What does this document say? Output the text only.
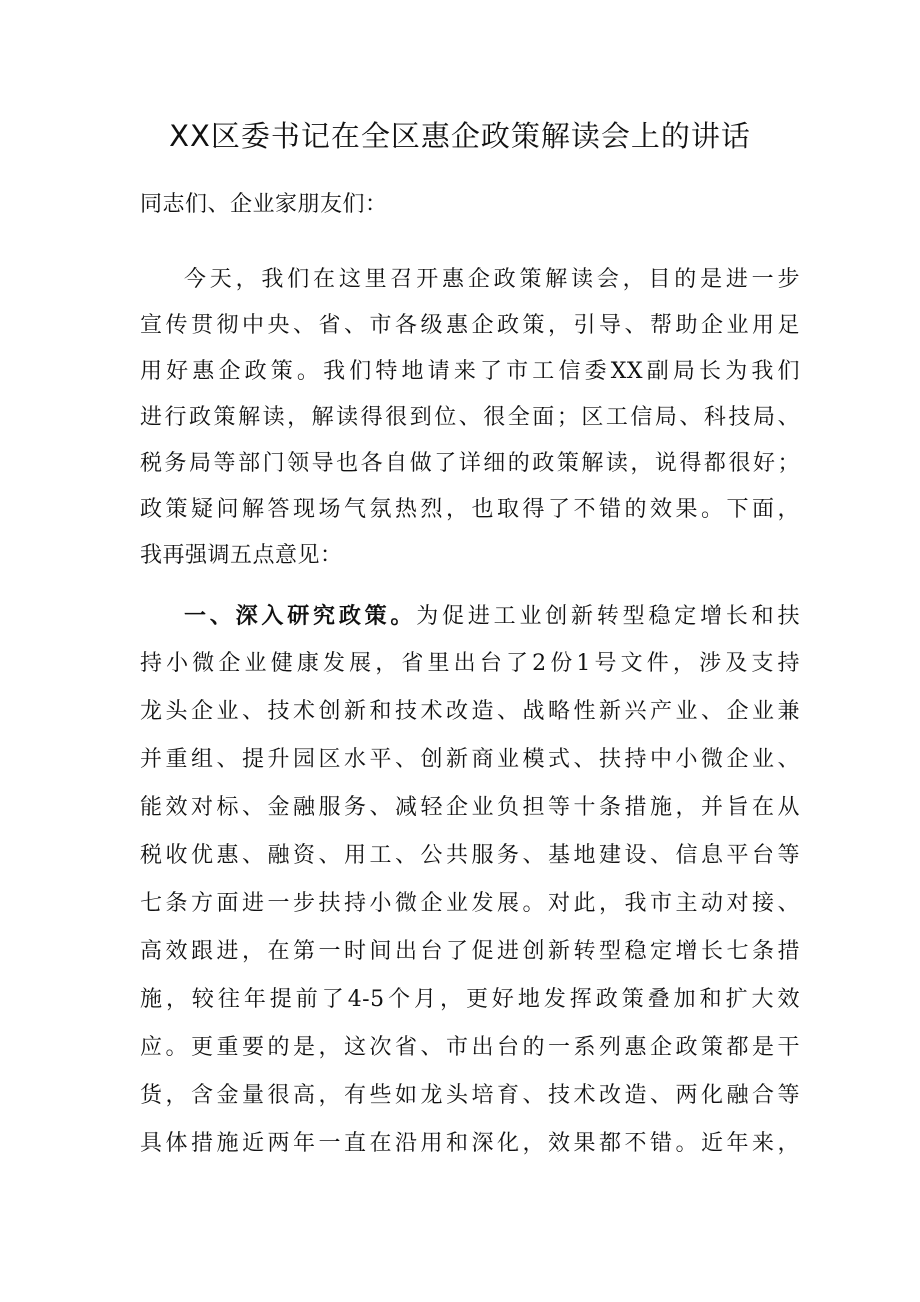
XX区委书记在全区惠企政策解读会上的讲话
同志们、企业家朋友们：
今天，我们在这里召开惠企政策解读会，目的是进一步
宣传贯彻中央、省、市各级惠企政策，引导、帮助企业用足
用好惠企政策。我们特地请来了市工信委XX副局长为我们
进行政策解读，解读得很到位、很全面；区工信局、科技局、
税务局等部门领导也各自做了详细的政策解读，说得都很好；
政策疑问解答现场气氛热烈，也取得了不错的效果。下面，
我再强调五点意见：
一、深入研究政策。为促进工业创新转型稳定增长和扶
持小微企业健康发展，省里出台了2份1号文件，涉及支持
龙头企业、技术创新和技术改造、战略性新兴产业、企业兼
并重组、提升园区水平、创新商业模式、扶持中小微企业、
能效对标、金融服务、减轻企业负担等十条措施，并旨在从
税收优惠、融资、用工、公共服务、基地建设、信息平台等
七条方面进一步扶持小微企业发展。对此，我市主动对接、
高效跟进，在第一时间出台了促进创新转型稳定增长七条措
施，较往年提前了4-5个月，更好地发挥政策叠加和扩大效
应。更重要的是，这次省、市出台的一系列惠企政策都是干
货，含金量很高，有些如龙头培育、技术改造、两化融合等
具体措施近两年一直在沿用和深化，效果都不错。近年来，
